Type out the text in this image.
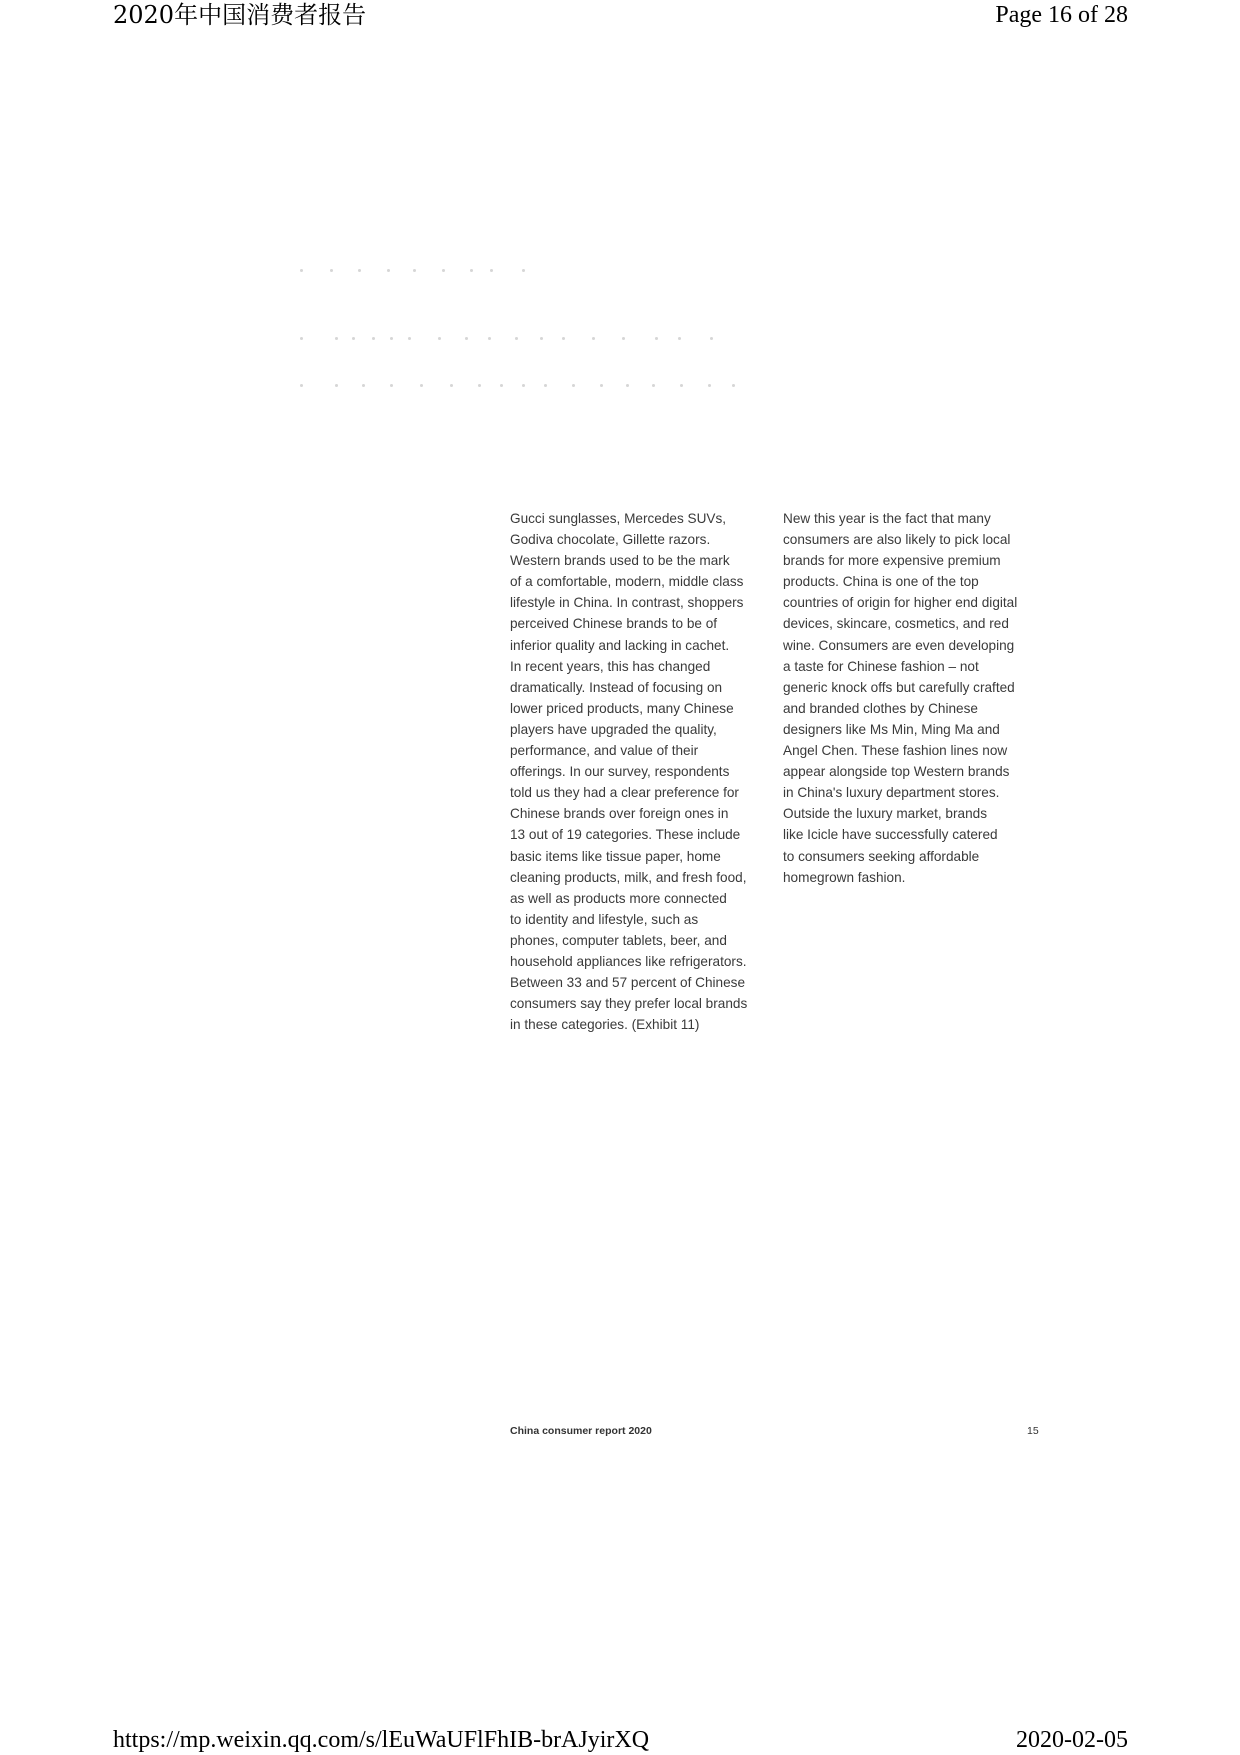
2020年中国消费者报告	Page 16 of 28
Gucci sunglasses, Mercedes SUVs,
Godiva chocolate, Gillette razors.
Western brands used to be the mark
of a comfortable, modern, middle class
lifestyle in China. In contrast, shoppers
perceived Chinese brands to be of
inferior quality and lacking in cachet.
In recent years, this has changed
dramatically. Instead of focusing on
lower priced products, many Chinese
players have upgraded the quality,
performance, and value of their
offerings. In our survey, respondents
told us they had a clear preference for
Chinese brands over foreign ones in
13 out of 19 categories. These include
basic items like tissue paper, home
cleaning products, milk, and fresh food,
as well as products more connected
to identity and lifestyle, such as
phones, computer tablets, beer, and
household appliances like refrigerators.
Between 33 and 57 percent of Chinese
consumers say they prefer local brands
in these categories. (Exhibit 11)
New this year is the fact that many
consumers are also likely to pick local
brands for more expensive premium
products. China is one of the top
countries of origin for higher end digital
devices, skincare, cosmetics, and red
wine. Consumers are even developing
a taste for Chinese fashion – not
generic knock offs but carefully crafted
and branded clothes by Chinese
designers like Ms Min, Ming Ma and
Angel Chen. These fashion lines now
appear alongside top Western brands
in China's luxury department stores.
Outside the luxury market, brands
like Icicle have successfully catered
to consumers seeking affordable
homegrown fashion.
China consumer report 2020	15
https://mp.weixin.qq.com/s/lEuWaUFlFhIB-brAJyirXQ	2020-02-05
